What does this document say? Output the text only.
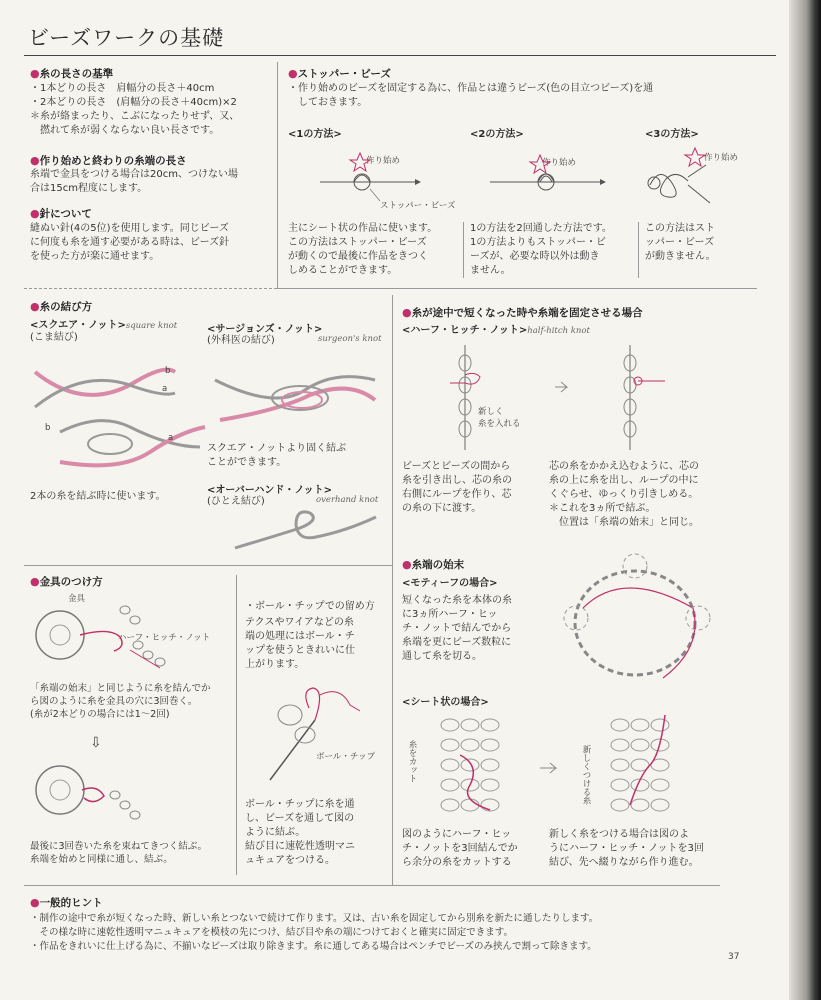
ビーズワークの基礎
●糸の長さの基準
・1本どりの長さ　肩幅分の長さ＋40cm
・2本どりの長さ　(肩幅分の長さ＋40cm)×2
＊糸が絡まったり、こぶになったりせず、又、
　撚れて糸が弱くならない良い長さです。
●作り始めと終わりの糸端の長さ
糸端で金具をつける場合は20cm、つけない場
合は15cm程度にします。
●針について
縫ぬい針(4の5位)を使用します。同じビーズ
に何度も糸を通す必要がある時は、ビーズ針
を使った方が楽に通せます。
●ストッパー・ビーズ
・作り始めのビーズを固定する為に、作品とは違うビーズ(色の目立つビーズ)を通
　しておきます。
<1の方法>	<2の方法>	<3の方法>
作り始め	作り始め	作り始め
ストッパー・ビーズ
主にシート状の作品に使います。
この方法はストッパー・ビーズ
が動くので最後に作品をきつく
しめることができます。
1の方法を2回通した方法です。
1の方法よりもストッパー・ビ
ーズが、必要な時以外は動き
ません。
この方法はスト
ッパー・ビーズ
が動きません。
●糸の結び方
<スクエア・ノット>square knot
(こま結び)
b
b
a
a
2本の糸を結ぶ時に使います。
<サージョンズ・ノット>
(外科医の結び)	surgeon's knot
スクエア・ノットより固く結ぶ
ことができます。
<オーバーハンド・ノット>
(ひとえ結び)	overhand knot
●糸が途中で短くなった時や糸端を固定させる場合
<ハーフ・ヒッチ・ノット>half-hitch knot
新しく
糸を入れる
ビーズとビーズの間から
糸を引き出し、芯の糸の
右側にループを作り、芯
の糸の下に渡す。
芯の糸をかかえ込むように、芯の
糸の上に糸を出し、ループの中に
くぐらせ、ゆっくり引きしめる。
＊これを3ヵ所で結ぶ。
　位置は「糸端の始末」と同じ。
●金具のつけ方
金具
ハーフ・ヒッチ・ノット
「糸端の始末」と同じように糸を結んでか
ら図のように糸を金具の穴に3回巻く。
(糸が2本どりの場合には1〜2回)
⇩
最後に3回巻いた糸を束ねてきつく結ぶ。
糸端を始めと同様に通し、結ぶ。
・ボール・チップでの留め方
テクスやワイアなどの糸
端の処理にはボール・チ
ップを使うときれいに仕
上がります。
ボール・チップ
ボール・チップに糸を通
し、ビーズを通して図の
ように結ぶ。
結び目に速乾性透明マニ
ュキュアをつける。
●糸端の始末
<モティーフの場合>
短くなった糸を本体の糸
に3ヵ所ハーフ・ヒッ
チ・ノットで結んでから
糸端を更にビーズ数粒に
通して糸を切る。
<シート状の場合>
糸をカット	新しくつける糸
図のようにハーフ・ヒッ
チ・ノットを3回結んでか
ら余分の糸をカットする
新しく糸をつける場合は図のよ
うにハーフ・ヒッチ・ノットを3回
結び、先へ綴りながら作り進む。
●一般的ヒント
・制作の途中で糸が短くなった時、新しい糸とつないで続けて作ります。又は、古い糸を固定してから別糸を新たに通したりします。
　その様な時に速乾性透明マニュキュアを模枝の先につけ、結び目や糸の端につけておくと確実に固定できます。
・作品をきれいに仕上げる為に、不揃いなビーズは取り除きます。糸に通してある場合はペンチでビーズのみ挟んで割って除きます。
37
